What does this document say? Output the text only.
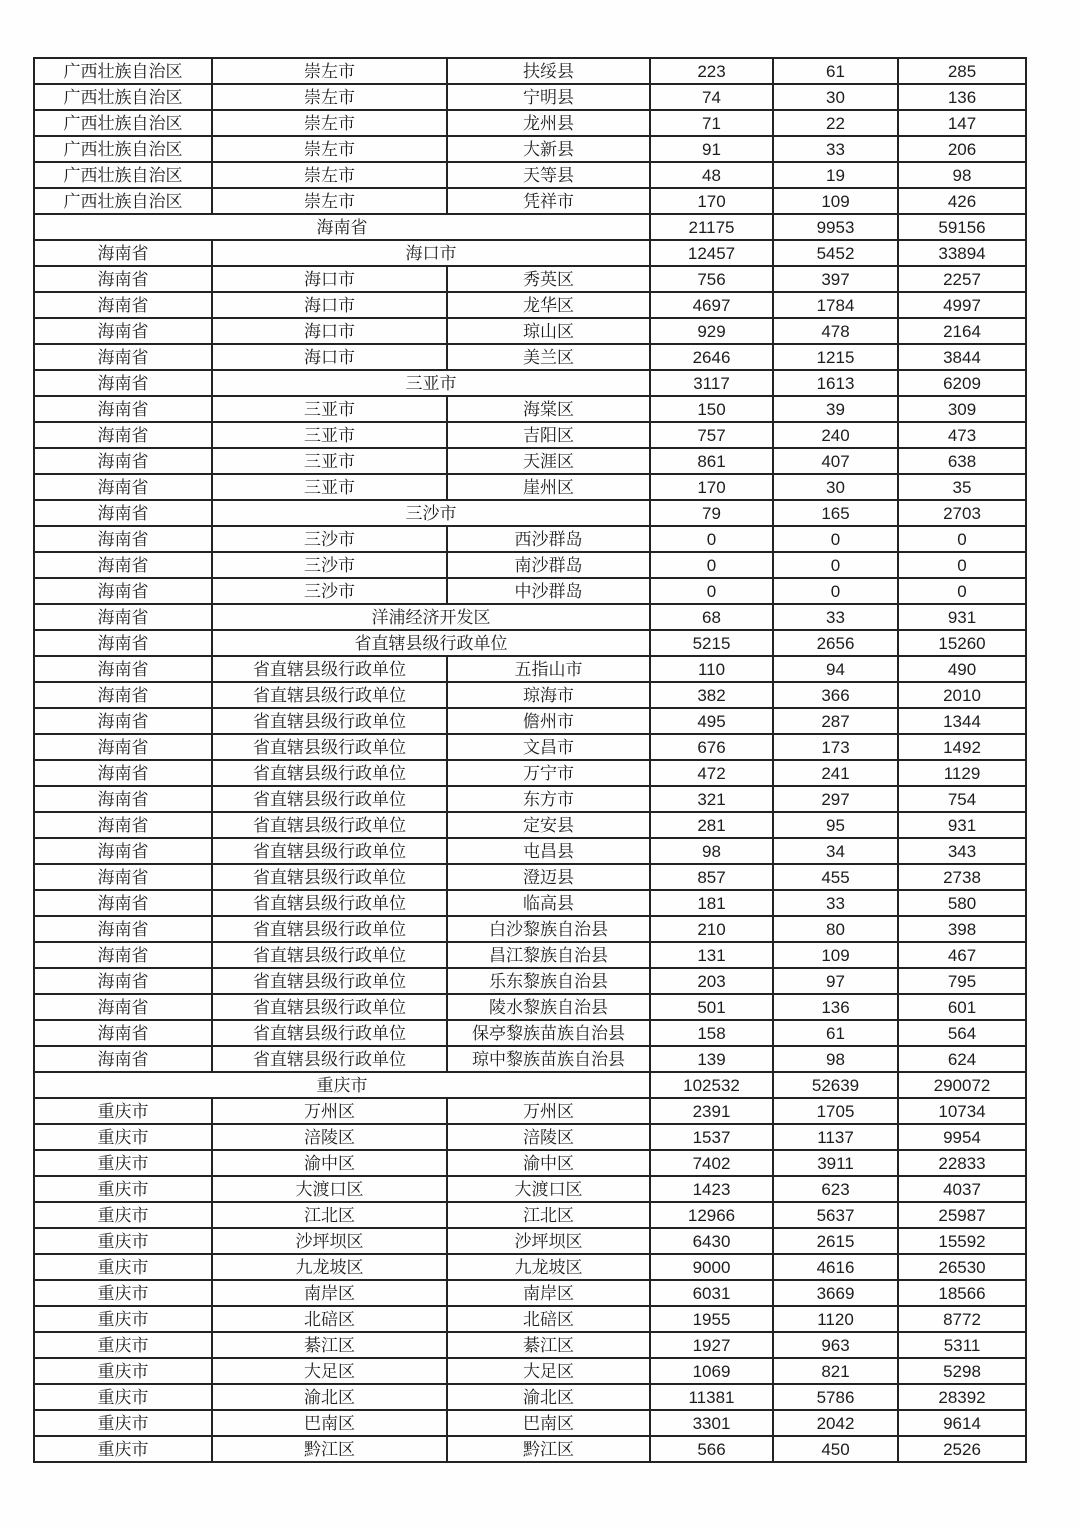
广西壮族自治区	崇左市	扶绥县	223	61	285
广西壮族自治区	崇左市	宁明县	74	30	136
广西壮族自治区	崇左市	龙州县	71	22	147
广西壮族自治区	崇左市	大新县	91	33	206
广西壮族自治区	崇左市	天等县	48	19	98
广西壮族自治区	崇左市	凭祥市	170	109	426
海南省			21175	9953	59156
海南省	海口市		12457	5452	33894
海南省	海口市	秀英区	756	397	2257
海南省	海口市	龙华区	4697	1784	4997
海南省	海口市	琼山区	929	478	2164
海南省	海口市	美兰区	2646	1215	3844
海南省	三亚市		3117	1613	6209
海南省	三亚市	海棠区	150	39	309
海南省	三亚市	吉阳区	757	240	473
海南省	三亚市	天涯区	861	407	638
海南省	三亚市	崖州区	170	30	35
海南省	三沙市		79	165	2703
海南省	三沙市	西沙群岛	0	0	0
海南省	三沙市	南沙群岛	0	0	0
海南省	三沙市	中沙群岛	0	0	0
海南省	洋浦经济开发区		68	33	931
海南省	省直辖县级行政单位		5215	2656	15260
海南省	省直辖县级行政单位	五指山市	110	94	490
海南省	省直辖县级行政单位	琼海市	382	366	2010
海南省	省直辖县级行政单位	儋州市	495	287	1344
海南省	省直辖县级行政单位	文昌市	676	173	1492
海南省	省直辖县级行政单位	万宁市	472	241	1129
海南省	省直辖县级行政单位	东方市	321	297	754
海南省	省直辖县级行政单位	定安县	281	95	931
海南省	省直辖县级行政单位	屯昌县	98	34	343
海南省	省直辖县级行政单位	澄迈县	857	455	2738
海南省	省直辖县级行政单位	临高县	181	33	580
海南省	省直辖县级行政单位	白沙黎族自治县	210	80	398
海南省	省直辖县级行政单位	昌江黎族自治县	131	109	467
海南省	省直辖县级行政单位	乐东黎族自治县	203	97	795
海南省	省直辖县级行政单位	陵水黎族自治县	501	136	601
海南省	省直辖县级行政单位	保亭黎族苗族自治县	158	61	564
海南省	省直辖县级行政单位	琼中黎族苗族自治县	139	98	624
重庆市			102532	52639	290072
重庆市	万州区	万州区	2391	1705	10734
重庆市	涪陵区	涪陵区	1537	1137	9954
重庆市	渝中区	渝中区	7402	3911	22833
重庆市	大渡口区	大渡口区	1423	623	4037
重庆市	江北区	江北区	12966	5637	25987
重庆市	沙坪坝区	沙坪坝区	6430	2615	15592
重庆市	九龙坡区	九龙坡区	9000	4616	26530
重庆市	南岸区	南岸区	6031	3669	18566
重庆市	北碚区	北碚区	1955	1120	8772
重庆市	綦江区	綦江区	1927	963	5311
重庆市	大足区	大足区	1069	821	5298
重庆市	渝北区	渝北区	11381	5786	28392
重庆市	巴南区	巴南区	3301	2042	9614
重庆市	黔江区	黔江区	566	450	2526
